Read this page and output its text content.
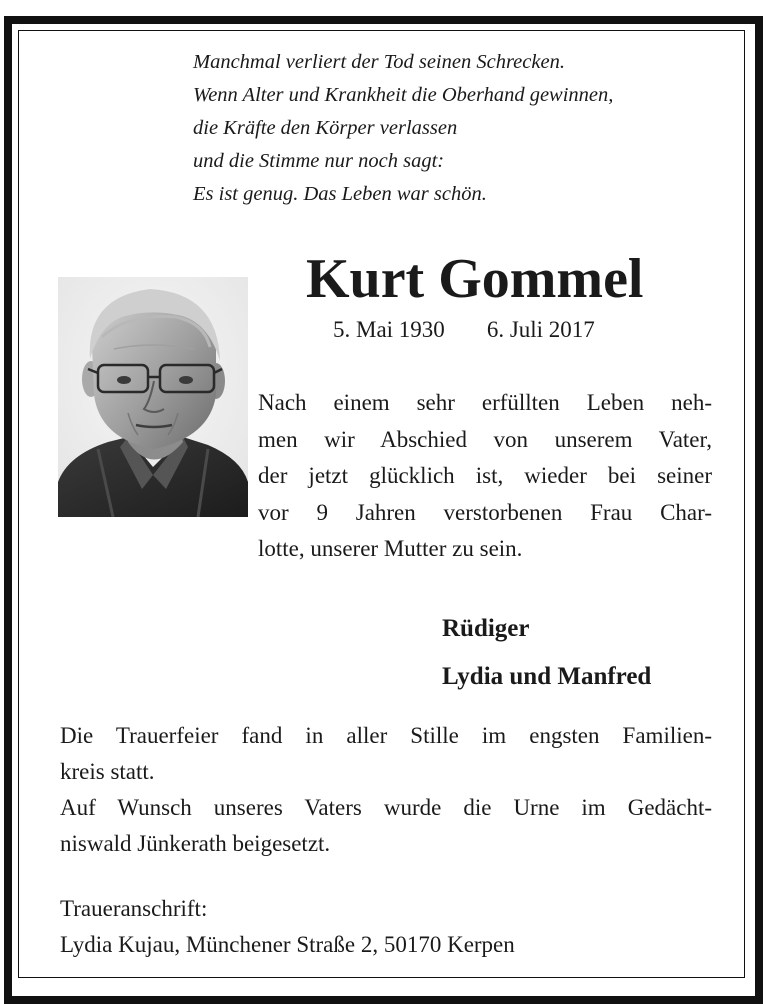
Manchmal verliert der Tod seinen Schrecken.
Wenn Alter und Krankheit die Oberhand gewinnen,
die Kräfte den Körper verlassen
und die Stimme nur noch sagt:
Es ist genug. Das Leben war schön.
Kurt Gommel
5. Mai 1930 6. Juli 2017
Nach einem sehr erfüllten Leben neh-
men wir Abschied von unserem Vater,
der jetzt glücklich ist, wieder bei seiner
vor 9 Jahren verstorbenen Frau Char-
lotte, unserer Mutter zu sein.
Rüdiger
Lydia und Manfred
Die Trauerfeier fand in aller Stille im engsten Familien-
kreis statt.
Auf Wunsch unseres Vaters wurde die Urne im Gedächt-
niswald Jünkerath beigesetzt.
Traueranschrift:
Lydia Kujau, Münchener Straße 2, 50170 Kerpen
